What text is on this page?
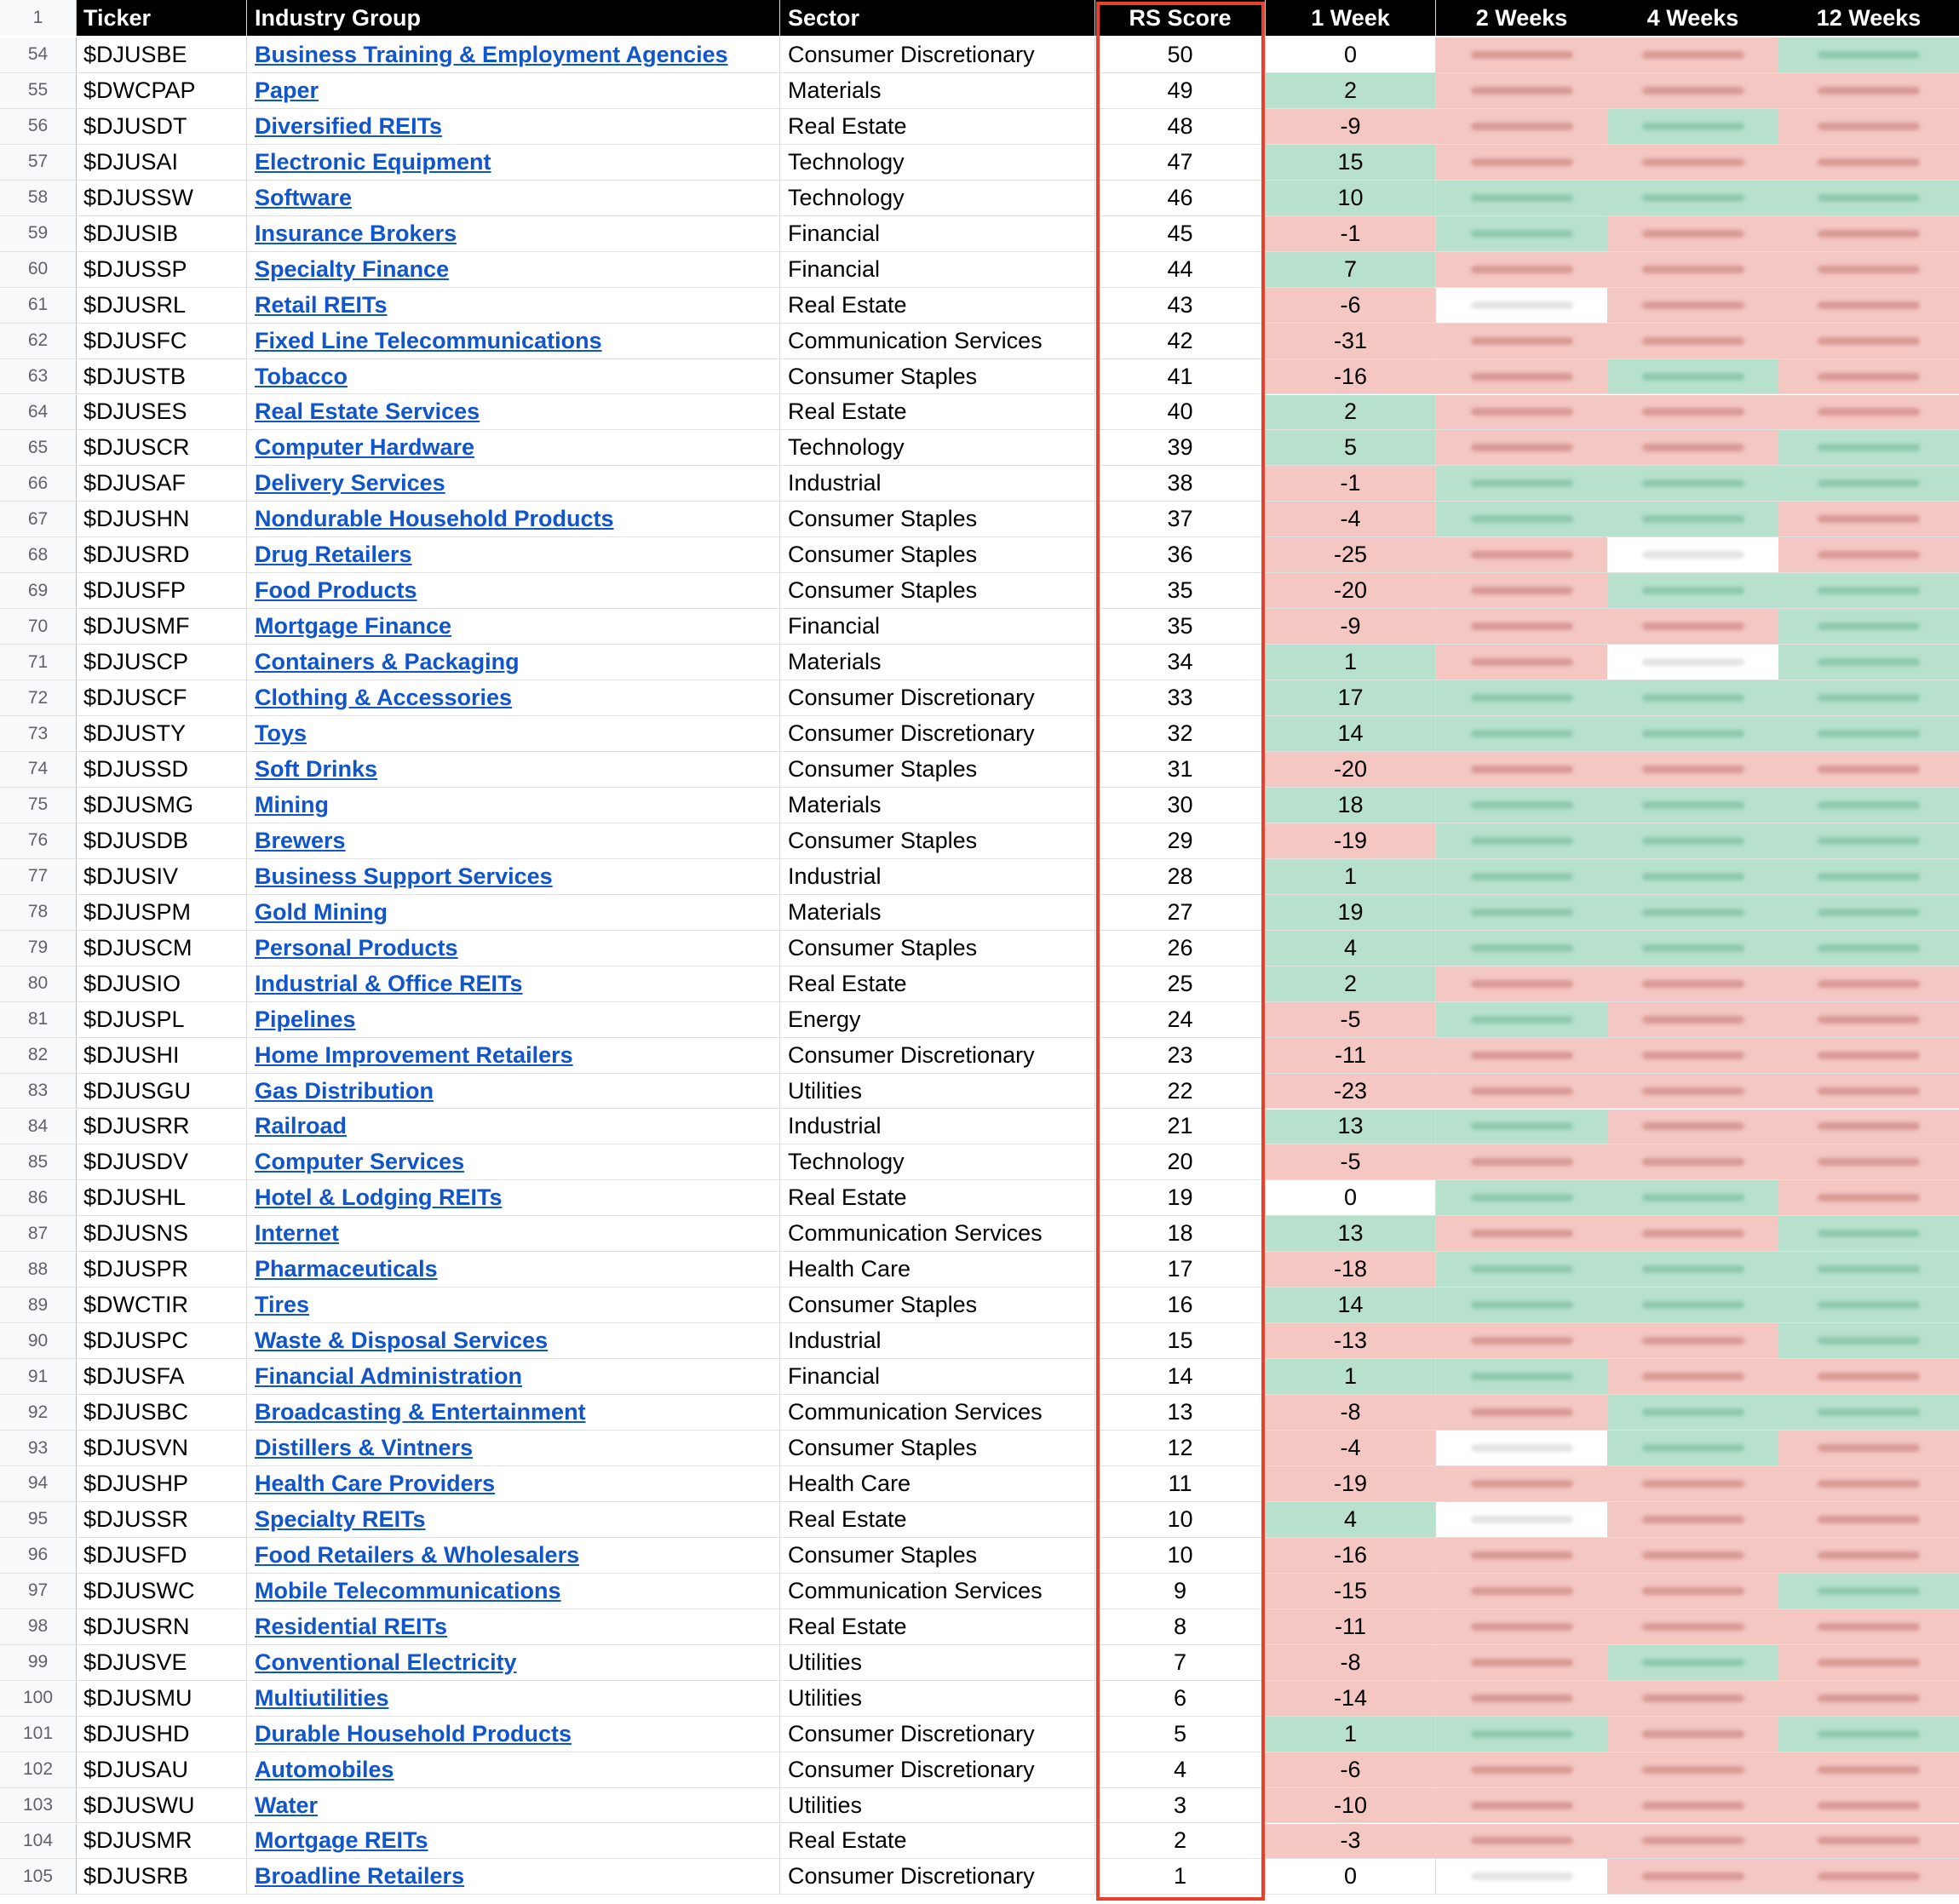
1	Ticker	Industry Group	Sector	RS Score	1 Week	2 Weeks	4 Weeks	12 Weeks
54	$DJUSBE	Business Training & Employment Agencies	Consumer Discretionary	50	0
55	$DWCPAP	Paper	Materials	49	2
56	$DJUSDT	Diversified REITs	Real Estate	48	-9
57	$DJUSAI	Electronic Equipment	Technology	47	15
58	$DJUSSW	Software	Technology	46	10
59	$DJUSIB	Insurance Brokers	Financial	45	-1
60	$DJUSSP	Specialty Finance	Financial	44	7
61	$DJUSRL	Retail REITs	Real Estate	43	-6
62	$DJUSFC	Fixed Line Telecommunications	Communication Services	42	-31
63	$DJUSTB	Tobacco	Consumer Staples	41	-16
64	$DJUSES	Real Estate Services	Real Estate	40	2
65	$DJUSCR	Computer Hardware	Technology	39	5
66	$DJUSAF	Delivery Services	Industrial	38	-1
67	$DJUSHN	Nondurable Household Products	Consumer Staples	37	-4
68	$DJUSRD	Drug Retailers	Consumer Staples	36	-25
69	$DJUSFP	Food Products	Consumer Staples	35	-20
70	$DJUSMF	Mortgage Finance	Financial	35	-9
71	$DJUSCP	Containers & Packaging	Materials	34	1
72	$DJUSCF	Clothing & Accessories	Consumer Discretionary	33	17
73	$DJUSTY	Toys	Consumer Discretionary	32	14
74	$DJUSSD	Soft Drinks	Consumer Staples	31	-20
75	$DJUSMG	Mining	Materials	30	18
76	$DJUSDB	Brewers	Consumer Staples	29	-19
77	$DJUSIV	Business Support Services	Industrial	28	1
78	$DJUSPM	Gold Mining	Materials	27	19
79	$DJUSCM	Personal Products	Consumer Staples	26	4
80	$DJUSIO	Industrial & Office REITs	Real Estate	25	2
81	$DJUSPL	Pipelines	Energy	24	-5
82	$DJUSHI	Home Improvement Retailers	Consumer Discretionary	23	-11
83	$DJUSGU	Gas Distribution	Utilities	22	-23
84	$DJUSRR	Railroad	Industrial	21	13
85	$DJUSDV	Computer Services	Technology	20	-5
86	$DJUSHL	Hotel & Lodging REITs	Real Estate	19	0
87	$DJUSNS	Internet	Communication Services	18	13
88	$DJUSPR	Pharmaceuticals	Health Care	17	-18
89	$DWCTIR	Tires	Consumer Staples	16	14
90	$DJUSPC	Waste & Disposal Services	Industrial	15	-13
91	$DJUSFA	Financial Administration	Financial	14	1
92	$DJUSBC	Broadcasting & Entertainment	Communication Services	13	-8
93	$DJUSVN	Distillers & Vintners	Consumer Staples	12	-4
94	$DJUSHP	Health Care Providers	Health Care	11	-19
95	$DJUSSR	Specialty REITs	Real Estate	10	4
96	$DJUSFD	Food Retailers & Wholesalers	Consumer Staples	10	-16
97	$DJUSWC	Mobile Telecommunications	Communication Services	9	-15
98	$DJUSRN	Residential REITs	Real Estate	8	-11
99	$DJUSVE	Conventional Electricity	Utilities	7	-8
100	$DJUSMU	Multiutilities	Utilities	6	-14
101	$DJUSHD	Durable Household Products	Consumer Discretionary	5	1
102	$DJUSAU	Automobiles	Consumer Discretionary	4	-6
103	$DJUSWU	Water	Utilities	3	-10
104	$DJUSMR	Mortgage REITs	Real Estate	2	-3
105	$DJUSRB	Broadline Retailers	Consumer Discretionary	1	0
